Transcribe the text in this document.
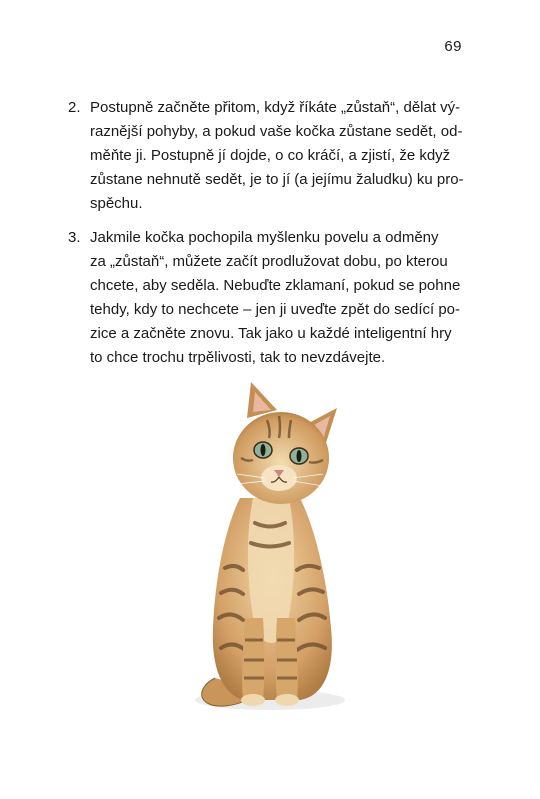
69
2. Postupně začněte přitom, když říkáte „zůstaň“, dělat vý-
raznější pohyby, a pokud vaše kočka zůstane sedět, od-
měňte ji. Postupně jí dojde, o co kráčí, a zjistí, že když
zůstane nehnutě sedět, je to jí (a jejímu žaludku) ku pro-
spěchu.
3. Jakmile kočka pochopila myšlenku povelu a odměny
za „zůstaň“, můžete začít prodlužovat dobu, po kterou
chcete, aby seděla. Nebuďte zklamaní, pokud se pohne
tehdy, kdy to nechcete – jen ji uveďte zpět do sedící po-
zice a začněte znovu. Tak jako u každé inteligentní hry
to chce trochu trpělivosti, tak to nevzdávejte.
